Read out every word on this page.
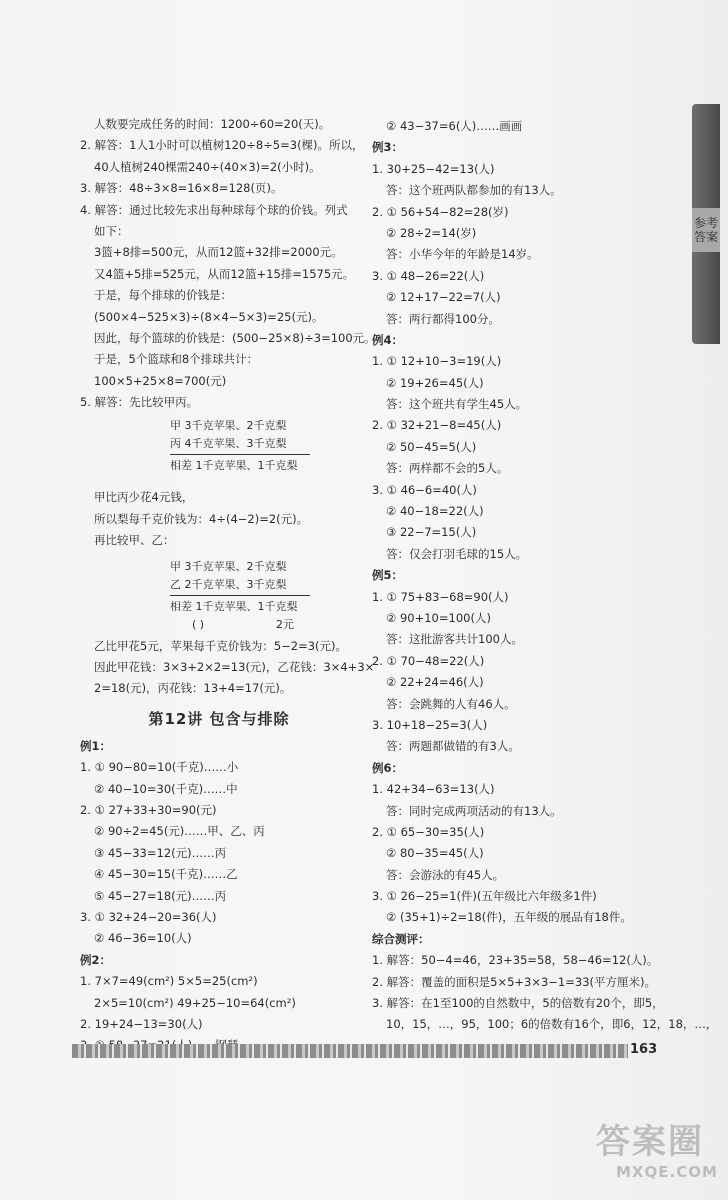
参考答案
人数要完成任务的时间：1200÷60=20(天)。
2. 解答：1人1小时可以植树120÷8÷5=3(棵)。所以，
40人植树240棵需240÷(40×3)=2(小时)。
3. 解答：48÷3×8=16×8=128(页)。
4. 解答：通过比较先求出每种球每个球的价钱。列式
如下：
3篮+8排=500元，从而12篮+32排=2000元。
又4篮+5排=525元，从而12篮+15排=1575元。
于是，每个排球的价钱是：
(500×4−525×3)÷(8×4−5×3)=25(元)。
因此，每个篮球的价钱是：(500−25×8)÷3=100元。
于是，5个篮球和8个排球共计：
100×5+25×8=700(元)
5. 解答：先比较甲丙。
甲 3千克苹果、2千克梨
丙 4千克苹果、3千克梨
相差 1千克苹果、1千克梨
甲比丙少花4元钱，
所以梨每千克价钱为：4÷(4−2)=2(元)。
再比较甲、乙：
甲 3千克苹果、2千克梨
乙 2千克苹果、3千克梨
相差 1千克苹果、1千克梨
( )	2元
乙比甲花5元，苹果每千克价钱为：5−2=3(元)。
因此甲花钱：3×3+2×2=13(元)，乙花钱：3×4+3×
2=18(元)，丙花钱：13+4=17(元)。
第12讲 包含与排除
例1：
1. ① 90−80=10(千克)……小
② 40−10=30(千克)……中
2. ① 27+33+30=90(元)
② 90÷2=45(元)……甲、乙、丙
③ 45−33=12(元)……丙
④ 45−30=15(千克)……乙
⑤ 45−27=18(元)……丙
3. ① 32+24−20=36(人)
② 46−36=10(人)
例2：
1. 7×7=49(cm²) 5×5=25(cm²)
2×5=10(cm²) 49+25−10=64(cm²)
2. 19+24−13=30(人)
② 43−37=6(人)……画画
例3：
1. 30+25−42=13(人)
答：这个班两队都参加的有13人。
2. ① 56+54−82=28(岁)
② 28÷2=14(岁)
答：小华今年的年龄是14岁。
3. ① 48−26=22(人)
② 12+17−22=7(人)
答：两行都得100分。
例4：
1. ① 12+10−3=19(人)
② 19+26=45(人)
答：这个班共有学生45人。
2. ① 32+21−8=45(人)
② 50−45=5(人)
答：两样都不会的5人。
3. ① 46−6=40(人)
② 40−18=22(人)
③ 22−7=15(人)
答：仅会打羽毛球的15人。
例5：
1. ① 75+83−68=90(人)
② 90+10=100(人)
答：这批游客共计100人。
2. ① 70−48=22(人)
② 22+24=46(人)
答：会跳舞的人有46人。
3. 10+18−25=3(人)
答：两题都做错的有3人。
例6：
1. 42+34−63=13(人)
答：同时完成两项活动的有13人。
2. ① 65−30=35(人)
② 80−35=45(人)
答：会游泳的有45人。
3. ① 26−25=1(件)(五年级比六年级多1件)
② (35+1)÷2=18(件)，五年级的展品有18件。
综合测评：
1. 解答：50−4=46，23+35=58，58−46=12(人)。
2. 解答：覆盖的面积是5×5+3×3−1=33(平方厘米)。
3. 解答：在1至100的自然数中，5的倍数有20个，即5，
10，15，…，95，100；6的倍数有16个，即6，12，18，…，
163
答案圈
MXQE.COM
